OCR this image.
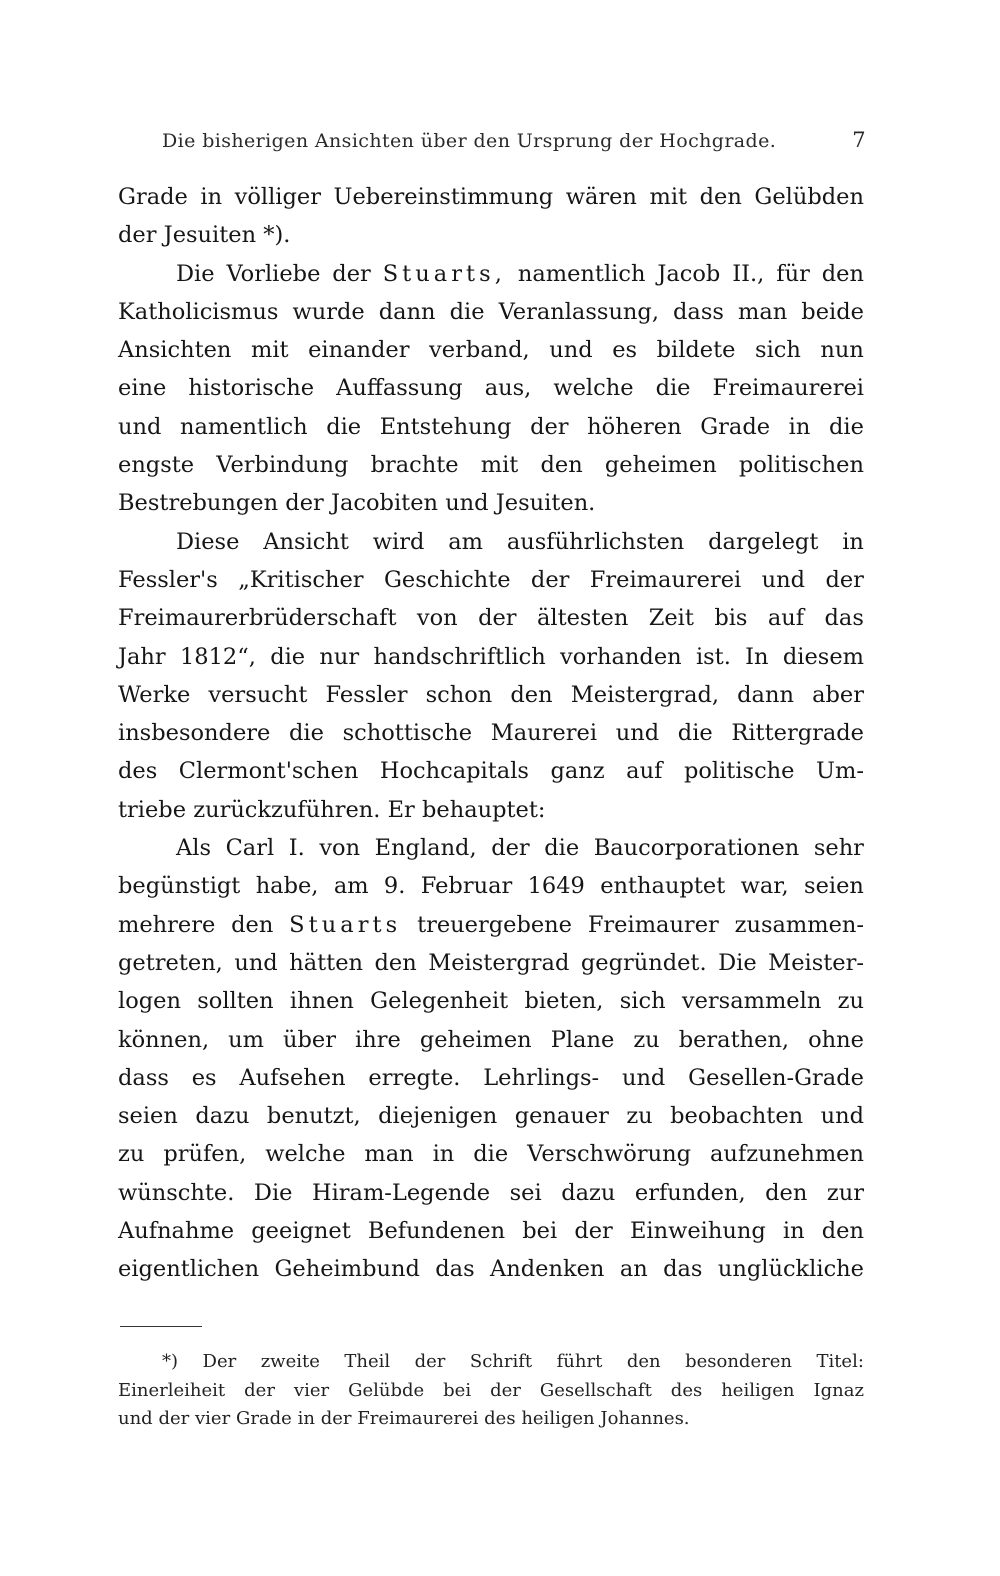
Die bisherigen Ansichten über den Ursprung der Hochgrade.	7
Grade in völliger Uebereinstimmung wären mit den Gelübden
der Jesuiten *).
Die Vorliebe der Stuarts, namentlich Jacob II., für den
Katholicismus wurde dann die Veranlassung, dass man beide
Ansichten mit einander verband, und es bildete sich nun
eine historische Auffassung aus, welche die Freimaurerei
und namentlich die Entstehung der höheren Grade in die
engste Verbindung brachte mit den geheimen politischen
Bestrebungen der Jacobiten und Jesuiten.
Diese Ansicht wird am ausführlichsten dargelegt in
Fessler's „Kritischer Geschichte der Freimaurerei und der
Freimaurerbrüderschaft von der ältesten Zeit bis auf das
Jahr 1812“, die nur handschriftlich vorhanden ist. In diesem
Werke versucht Fessler schon den Meistergrad, dann aber
insbesondere die schottische Maurerei und die Rittergrade
des Clermont'schen Hochcapitals ganz auf politische Um-
triebe zurückzuführen. Er behauptet:
Als Carl I. von England, der die Baucorporationen sehr
begünstigt habe, am 9. Februar 1649 enthauptet war, seien
mehrere den Stuarts treuergebene Freimaurer zusammen-
getreten, und hätten den Meistergrad gegründet. Die Meister-
logen sollten ihnen Gelegenheit bieten, sich versammeln zu
können, um über ihre geheimen Plane zu berathen, ohne
dass es Aufsehen erregte. Lehrlings- und Gesellen-Grade
seien dazu benutzt, diejenigen genauer zu beobachten und
zu prüfen, welche man in die Verschwörung aufzunehmen
wünschte. Die Hiram-Legende sei dazu erfunden, den zur
Aufnahme geeignet Befundenen bei der Einweihung in den
eigentlichen Geheimbund das Andenken an das unglückliche
*) Der zweite Theil der Schrift führt den besonderen Titel:
Einerleiheit der vier Gelübde bei der Gesellschaft des heiligen Ignaz
und der vier Grade in der Freimaurerei des heiligen Johannes.
